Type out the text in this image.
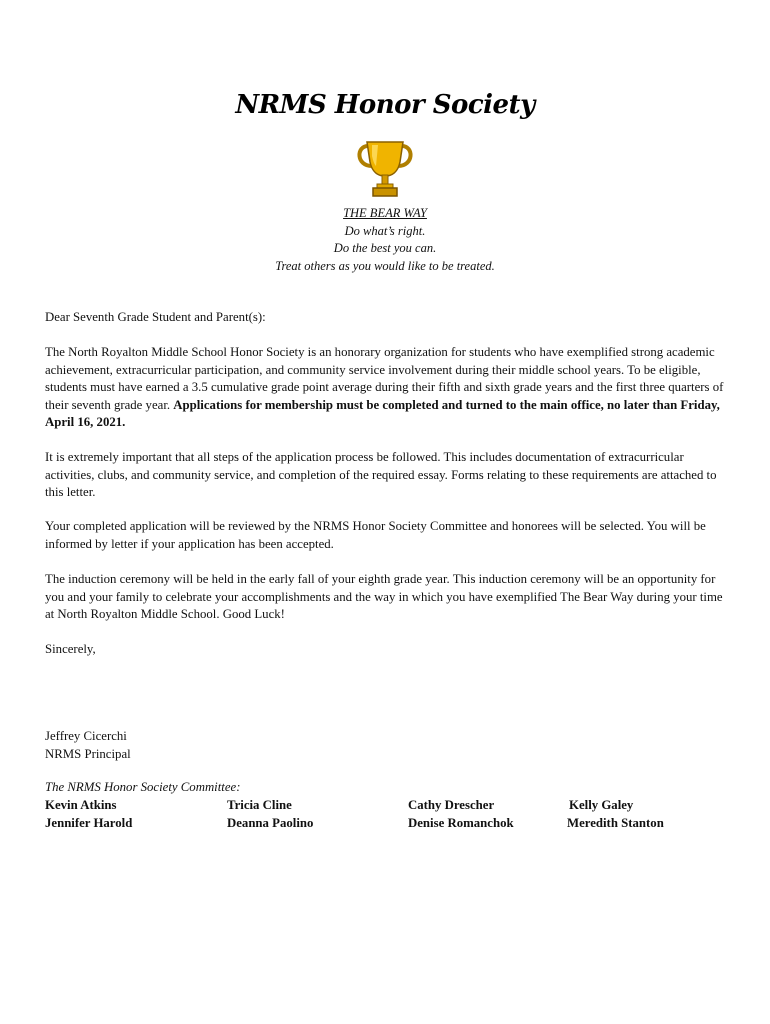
NRMS Honor Society
THE BEAR WAY
Do what’s right.
Do the best you can.
Treat others as you would like to be treated.

Dear Seventh Grade Student and Parent(s):

The North Royalton Middle School Honor Society is an honorary organization for students who have exemplified strong academic achievement, extracurricular participation, and community service involvement during their middle school years. To be eligible, students must have earned a 3.5 cumulative grade point average during their fifth and sixth grade years and the first three quarters of their seventh grade year. Applications for membership must be completed and turned to the main office, no later than Friday, April 16, 2021.

It is extremely important that all steps of the application process be followed. This includes documentation of extracurricular activities, clubs, and community service, and completion of the required essay. Forms relating to these requirements are attached to this letter.

Your completed application will be reviewed by the NRMS Honor Society Committee and honorees will be selected. You will be informed by letter if your application has been accepted.

The induction ceremony will be held in the early fall of your eighth grade year. This induction ceremony will be an opportunity for you and your family to celebrate your accomplishments and the way in which you have exemplified The Bear Way during your time at North Royalton Middle School. Good Luck!

Sincerely,

Jeffrey Cicerchi

NRMS Principal

The NRMS Honor Society Committee:
Kevin Atkins	Tricia Cline	Cathy Drescher	Kelly Galey
Jennifer Harold	Deanna Paolino	Denise Romanchok	Meredith Stanton
